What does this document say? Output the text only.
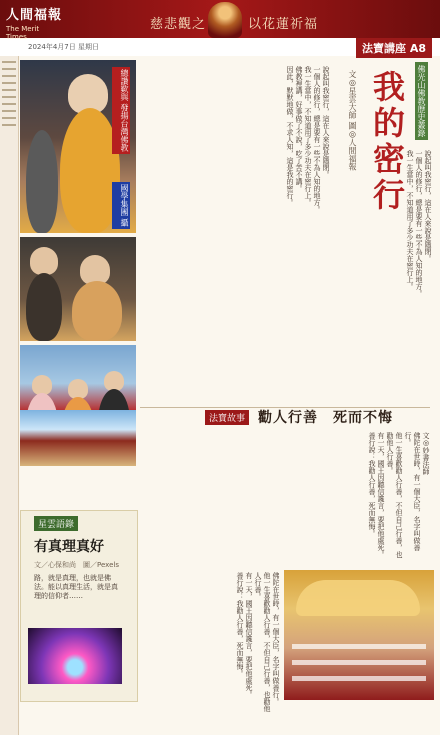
人間福報
The Merit Times
慈悲觀之	以花蓮祈福
2024年4月7日 星期日	法寶講座 A8
總讚歎與 發揚台灣佛教
國學集團 攝
佛光山佛教歷史叢錄
我的密行
文◎星雲大師 圖◎人間福報

說起叫我密行，這在人來說是隱閉。

一個人的修行，總是要有一些不為人知的地方。

我一生當中，不知道用了多少功夫在密行上。

佛教裡講，好事做了不說，吃了苦不講。

因此，默默地做，不求人知，這是我的密行。	說起叫我密行，這在人來說是隱閉。

一個人的修行，總是要有一些不為人知的地方。

我一生當中，不知道用了多少功夫在密行上。

法寶故事 勸人行善　死而不悔

文◎妙書法師

佛陀在世時，有一個大臣，名字叫做善行。

他一生喜歡勸人行善，不但自己行善，也勸他人行善。

有一天，國王因聽信讒言，要把他處死。

善行說：我勸人行善，死而無悔。

佛陀在世時，有一個大臣，名字叫做善行。

他一生喜歡勸人行善，不但自己行善，也勸他人行善。

有一天，國王因聽信讒言，要把他處死。

善行說：我勸人行善，死而無悔。

星雲語錄
有真理真好
文／心保和尚　圖／Pexels
路，就是真理，也就是佛法。能以真理生活，就是真理的信仰者……
